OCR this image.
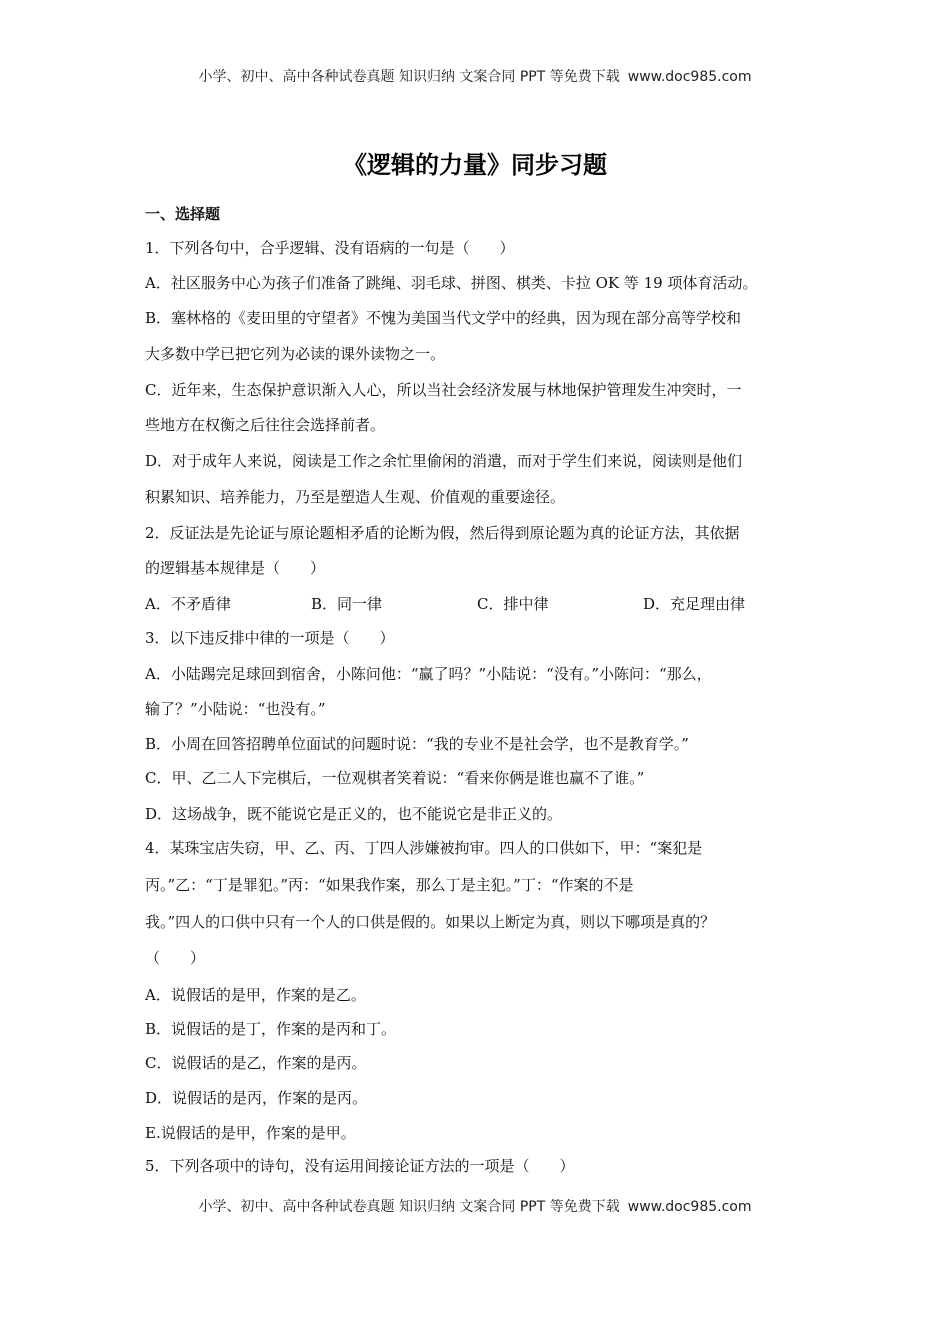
小学、初中、高中各种试卷真题 知识归纳 文案合同 PPT 等免费下载 www.doc985.com
《逻辑的力量》同步习题
一、选择题
1．下列各句中，合乎逻辑、没有语病的一句是（　　）
A．社区服务中心为孩子们准备了跳绳、羽毛球、拼图、棋类、卡拉 OK 等 19 项体育活动。
B．塞林格的《麦田里的守望者》不愧为美国当代文学中的经典，因为现在部分高等学校和
大多数中学已把它列为必读的课外读物之一。
C．近年来，生态保护意识渐入人心，所以当社会经济发展与林地保护管理发生冲突时，一
些地方在权衡之后往往会选择前者。
D．对于成年人来说，阅读是工作之余忙里偷闲的消遣，而对于学生们来说，阅读则是他们
积累知识、培养能力，乃至是塑造人生观、价值观的重要途径。
2．反证法是先论证与原论题相矛盾的论断为假，然后得到原论题为真的论证方法，其依据
的逻辑基本规律是（　　）
A．不矛盾律	B．同一律	C．排中律	D．充足理由律
3．以下违反排中律的一项是（　　）
A．小陆踢完足球回到宿舍，小陈问他：“赢了吗？”小陆说：“没有。”小陈问：“那么，
输了？”小陆说：“也没有。”
B．小周在回答招聘单位面试的问题时说：“我的专业不是社会学，也不是教育学。”
C．甲、乙二人下完棋后，一位观棋者笑着说：“看来你俩是谁也赢不了谁。”
D．这场战争，既不能说它是正义的，也不能说它是非正义的。
4．某珠宝店失窃，甲、乙、丙、丁四人涉嫌被拘审。四人的口供如下，甲：“案犯是
丙。”乙：“丁是罪犯。”丙：“如果我作案，那么丁是主犯。”丁：“作案的不是
我。”四人的口供中只有一个人的口供是假的。如果以上断定为真，则以下哪项是真的？
（　　）
A．说假话的是甲，作案的是乙。
B．说假话的是丁，作案的是丙和丁。
C．说假话的是乙，作案的是丙。
D．说假话的是丙，作案的是丙。
E.说假话的是甲，作案的是甲。
5．下列各项中的诗句，没有运用间接论证方法的一项是（　　）
小学、初中、高中各种试卷真题 知识归纳 文案合同 PPT 等免费下载 www.doc985.com
